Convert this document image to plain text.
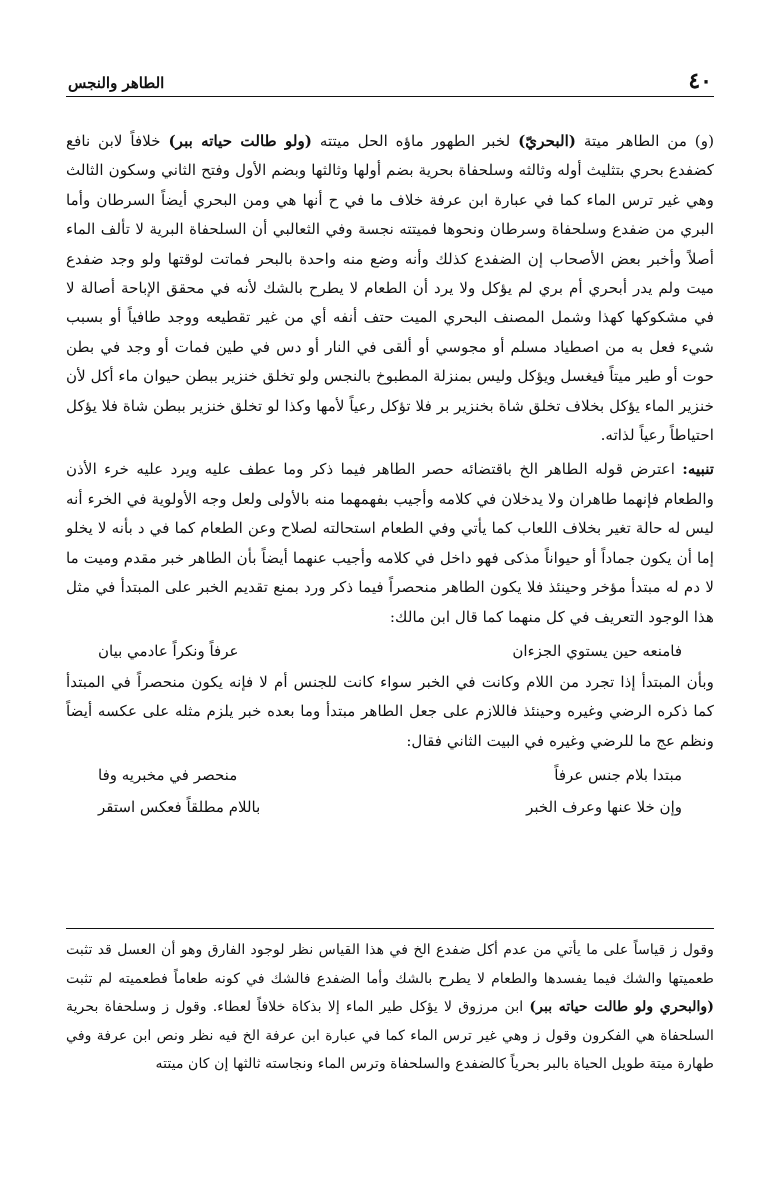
٤٠
الطاهر والنجس

(و) من الطاهر ميتة (البحريّ) لخبر الطهور ماؤه الحل ميتته (ولو طالت حياته ببر) خلافاً لابن نافع كضفدع بحري بتثليث أوله وثالثه وسلحفاة بحرية بضم أولها وثالثها وبضم الأول وفتح الثاني وسكون الثالث وهي غير ترس الماء كما في عبارة ابن عرفة خلاف ما في ح أنها هي ومن البحري أيضاً السرطان وأما البري من ضفدع وسلحفاة وسرطان ونحوها فميتته نجسة وفي الثعالبي أن السلحفاة البرية لا تألف الماء أصلاً وأخبر بعض الأصحاب إن الضفدع كذلك وأنه وضع منه واحدة بالبحر فماتت لوقتها ولو وجد ضفدع ميت ولم يدر أبحري أم بري لم يؤكل ولا يرد أن الطعام لا يطرح بالشك لأنه في محقق الإباحة أصالة لا في مشكوكها كهذا وشمل المصنف البحري الميت حتف أنفه أي من غير تقطيعه ووجد طافياً أو بسبب شيء فعل به من اصطياد مسلم أو مجوسي أو ألقى في النار أو دس في طين فمات أو وجد في بطن حوت أو طير ميتاً فيغسل ويؤكل وليس بمنزلة المطبوخ بالنجس ولو تخلق خنزير ببطن حيوان ماء أكل لأن خنزير الماء يؤكل بخلاف تخلق شاة بخنزير بر فلا تؤكل رعياً لأمها وكذا لو تخلق خنزير ببطن شاة فلا يؤكل احتياطاً رعياً لذاته.

تنبيه: اعترض قوله الطاهر الخ باقتضائه حصر الطاهر فيما ذكر وما عطف عليه ويرد عليه خرء الأذن والطعام فإنهما طاهران ولا يدخلان في كلامه وأجيب بفهمهما منه بالأولى ولعل وجه الأولوية في الخرء أنه ليس له حالة تغير بخلاف اللعاب كما يأتي وفي الطعام استحالته لصلاح وعن الطعام كما في د بأنه لا يخلو إما أن يكون جماداً أو حيواناً مذكى فهو داخل في كلامه وأجيب عنهما أيضاً بأن الطاهر خبر مقدم وميت ما لا دم له مبتدأ مؤخر وحينئذ فلا يكون الطاهر منحصراً فيما ذكر ورد بمنع تقديم الخبر على المبتدأ في مثل هذا الوجود التعريف في كل منهما كما قال ابن مالك:

فامنعه حين يستوي الجزءان
عرفاً ونكراً عادمي بيان

وبأن المبتدأ إذا تجرد من اللام وكانت في الخبر سواء كانت للجنس أم لا فإنه يكون منحصراً في المبتدأ كما ذكره الرضي وغيره وحينئذ فاللازم على جعل الطاهر مبتدأ وما بعده خبر يلزم مثله على عكسه أيضاً ونظم عج ما للرضي وغيره في البيت الثاني فقال:

مبتدا بلام جنس عرفاً
منحصر في مخبريه وفا
وإن خلا عنها وعرف الخبر
باللام مطلقاً فعكس استقر

وقول ز قياساً على ما يأتي من عدم أكل ضفدع الخ في هذا القياس نظر لوجود الفارق وهو أن العسل قد تثبت طعميتها والشك فيما يفسدها والطعام لا يطرح بالشك وأما الضفدع فالشك في كونه طعاماً فطعميته لم تثبت (والبحري ولو طالت حياته ببر) ابن مرزوق لا يؤكل طير الماء إلا بذكاة خلافاً لعطاء. وقول ز وسلحفاة بحرية السلحفاة هي الفكرون وقول ز وهي غير ترس الماء كما في عبارة ابن عرفة الخ فيه نظر ونص ابن عرفة وفي طهارة ميتة طويل الحياة بالبر بحرياً كالضفدع والسلحفاة وترس الماء ونجاسته ثالثها إن كان ميتته
